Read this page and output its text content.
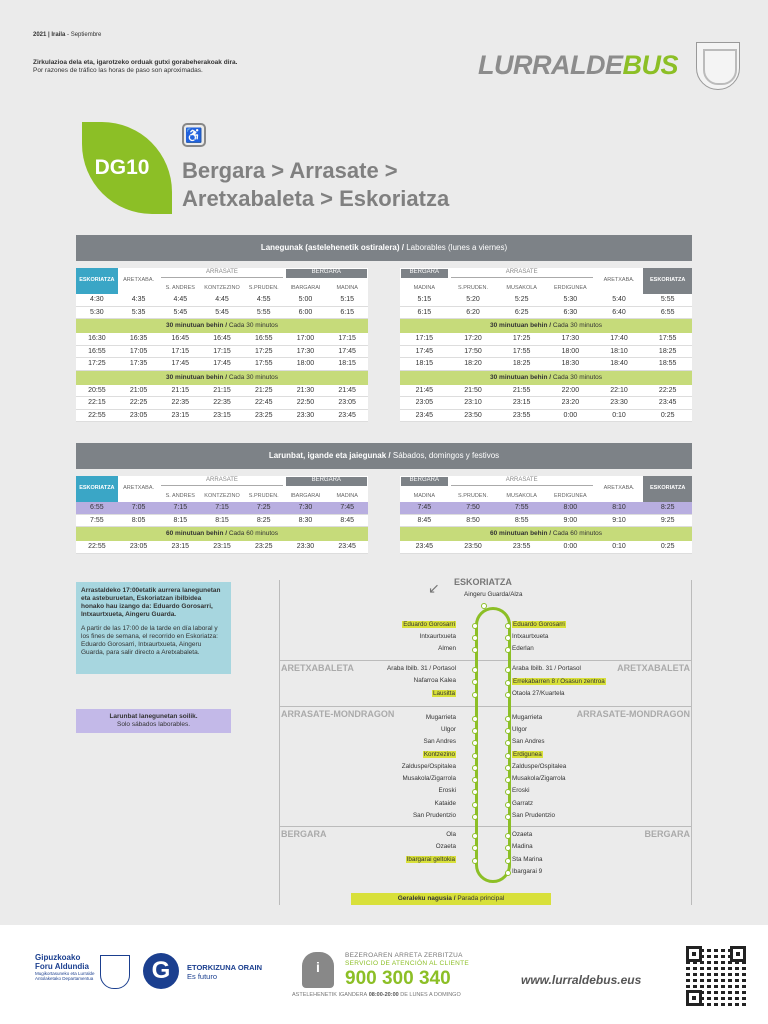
2021 | Iraila - Septiembre
Zirkulazioa dela eta, igarotzeko orduak gutxi gorabeherakoak dira.
Por razones de tráfico las horas de paso son aproximadas.	LURRALDEBUS
DG10
♿
Bergara > Arrasate >
Aretxabaleta > Eskoriatza
Lanegunak (astelehenetik ostiralera) / Laborables (lunes a viernes)
ESKORIATZA	ARETXABA.
S. ANDRES	KONTZEZINO	S.PRUDEN.	IBARGARAI	MADINA
ARRASATE	BERGARA
4:30	4:35	4:45	4:45	4:55	5:00	5:15
5:30	5:35	5:45	5:45	5:55	6:00	6:15
30 minutuan behin / Cada 30 minutos
16:30	16:35	16:45	16:45	16:55	17:00	17:15
16:55	17:05	17:15	17:15	17:25	17:30	17:45
17:25	17:35	17:45	17:45	17:55	18:00	18:15
30 minutuan behin / Cada 30 minutos
20:55	21:05	21:15	21:15	21:25	21:30	21:45
22:15	22:25	22:35	22:35	22:45	22:50	23:05
22:55	23:05	23:15	23:15	23:25	23:30	23:45
MADINA	S.PRUDEN.	MUSAKOLA	ERDIGUNEA
ARETXABA.	ESKORIATZA
BERGARA	ARRASATE
5:15	5:20	5:25	5:30	5:40	5:55
6:15	6:20	6:25	6:30	6:40	6:55
30 minutuan behin / Cada 30 minutos
17:15	17:20	17:25	17:30	17:40	17:55
17:45	17:50	17:55	18:00	18:10	18:25
18:15	18:20	18:25	18:30	18:40	18:55
30 minutuan behin / Cada 30 minutos
21:45	21:50	21:55	22:00	22:10	22:25
23:05	23:10	23:15	23:20	23:30	23:45
23:45	23:50	23:55	0:00	0:10	0:25
Larunbat, igande eta jaiegunak / Sábados, domingos y festivos
ESKORIATZA	ARETXABA.
S. ANDRES	KONTZEZINO	S.PRUDEN.	IBARGARAI	MADINA
ARRASATE	BERGARA
6:55	7:05	7:15	7:15	7:25	7:30	7:45
7:55	8:05	8:15	8:15	8:25	8:30	8:45
60 minutuan behin / Cada 60 minutos
22:55	23:05	23:15	23:15	23:25	23:30	23:45
MADINA	S.PRUDEN.	MUSAKOLA	ERDIGUNEA
ARETXABA.	ESKORIATZA
BERGARA	ARRASATE
7:45	7:50	7:55	8:00	8:10	8:25
8:45	8:50	8:55	9:00	9:10	9:25
60 minutuan behin / Cada 60 minutos
23:45	23:50	23:55	0:00	0:10	0:25
Arrastaldeko 17:00etatik aurrera lanegunetan eta asteburuetan, Eskoriatzan ibilbidea honako hau izango da: Eduardo Gorosarri, Intxaurtxueta, Aingeru Guarda.
A partir de las 17:00 de la tarde en día laboral y los fines de semana, el recorrido en Eskoriatza: Eduardo Gorosarri, Intxaurtxueta, Aingeru Guarda, para salir directo a Aretxabaleta.
Larunbat lanegunetan soilik.
Solo sábados laborables.
ESKORIATZA
↙	Aingeru Guarda/Alza
ARETXABALETA	ARETXABALETA
ARRASATE-MONDRAGON	ARRASATE-MONDRAGON
BERGARA	BERGARA
Eduardo Gorosarri
Intxaurtxueta
Almen
Araba Ibilb. 31 / Portasol
Nafarroa Kalea
Lausitta
Mugarrieta
Ulgor
San Andres
Kontzezino
Zalduspe/Ospitalea
Musakola/Zigarrola
Eroski
Kataide
San Prudentzio
Ola
Ozaeta
Ibargarai geltokia
Eduardo Gorosarri
Intxaurtxueta
Ederlan
Araba Ibilb. 31 / Portasol
Errekabarren 8 / Osasun zentroa
Otaola 27/Kuartela
Mugarrieta
Ulgor
San Andres
Erdigunea
Zalduspe/Ospitalea
Musakola/Zigarrola
Eroski
Garratz
San Prudentzio
Ozaeta
Madina
Sta Marina
Ibargarai 9
Geraleku nagusia / Parada principal
Gipuzkoako
Foru Aldundia
Mugikortasuneko eta Lurralde
Antolaketako Departamentua	G	ETORKIZUNA ORAIN
Es futuro
i
BEZEROAREN ARRETA ZERBITZUA
SERVICIO DE ATENCIÓN AL CLIENTE
900 300 340
ASTELEHENETIK IGANDERA 08:00-20:00 DE LUNES A DOMINGO
www.lurraldebus.eus
